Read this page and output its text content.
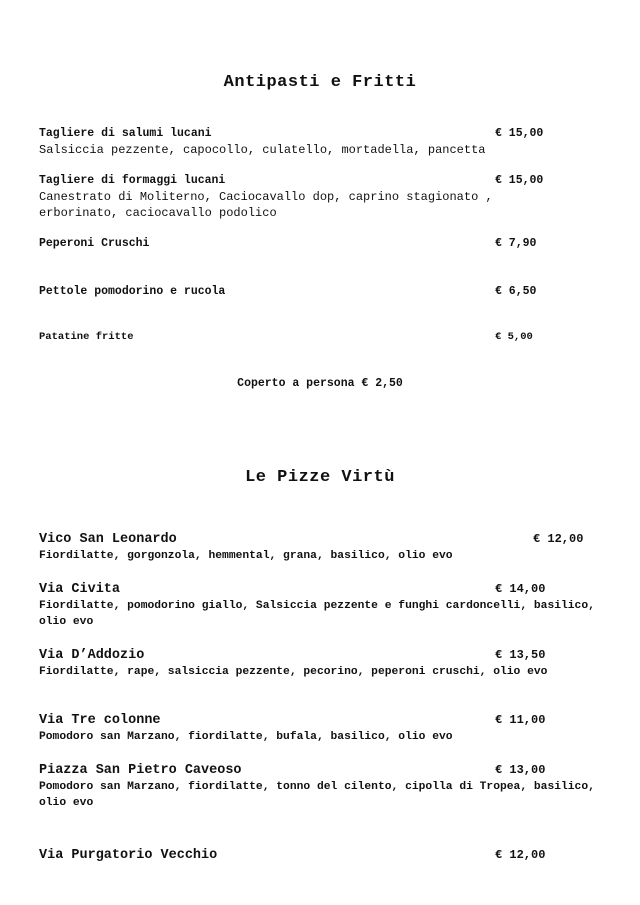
Antipasti e Fritti
Tagliere di salumi lucani	€ 15,00
Salsiccia pezzente, capocollo, culatello, mortadella, pancetta
Tagliere di formaggi lucani	€ 15,00
Canestrato di Moliterno, Caciocavallo dop, caprino stagionato , erborinato, caciocavallo podolico
Peperoni Cruschi	€ 7,90
Pettole pomodorino e rucola	€ 6,50
Patatine fritte	€ 5,00
Coperto a persona € 2,50
Le Pizze Virtù
Vico San Leonardo	€ 12,00
Fiordilatte, gorgonzola, hemmental, grana, basilico, olio evo
Via Civita	€ 14,00
Fiordilatte, pomodorino giallo, Salsiccia pezzente e funghi cardoncelli, basilico, olio evo
Via D’Addozio	€ 13,50
Fiordilatte, rape, salsiccia pezzente, pecorino, peperoni cruschi, olio evo
Via Tre colonne	€ 11,00
Pomodoro san Marzano, fiordilatte, bufala, basilico, olio evo
Piazza San Pietro Caveoso	€ 13,00
Pomodoro san Marzano, fiordilatte, tonno del cilento, cipolla di Tropea, basilico, olio evo
Via Purgatorio Vecchio	€ 12,00
